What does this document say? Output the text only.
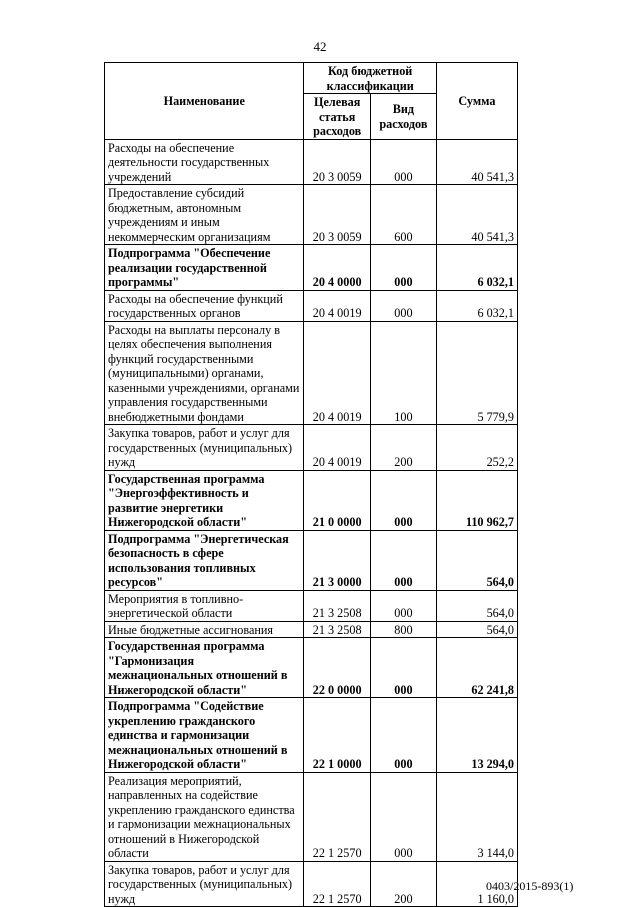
42
Наименование	Код бюджетной классификации		Сумма
	Целевая статья расходов	Вид расходов	
Расходы на обеспечение деятельности государственных учреждений	20 3 0059	000	40 541,3
Предоставление субсидий бюджетным, автономным учреждениям и иным некоммерческим организациям	20 3 0059	600	40 541,3
Подпрограмма "Обеспечение реализации государственной программы"	20 4 0000	000	6 032,1
Расходы на обеспечение функций государственных органов	20 4 0019	000	6 032,1
Расходы на выплаты персоналу в целях обеспечения выполнения функций государственными (муниципальными) органами, казенными учреждениями, органами управления государственными внебюджетными фондами	20 4 0019	100	5 779,9
Закупка товаров, работ и услуг для государственных (муниципальных) нужд	20 4 0019	200	252,2
Государственная программа "Энергоэффективность и развитие энергетики Нижегородской области"	21 0 0000	000	110 962,7
Подпрограмма "Энергетическая безопасность в сфере использования топливных ресурсов"	21 3 0000	000	564,0
Мероприятия в топливно-энергетической области	21 3 2508	000	564,0
Иные бюджетные ассигнования	21 3 2508	800	564,0
Государственная программа "Гармонизация межнациональных отношений в Нижегородской области"	22 0 0000	000	62 241,8
Подпрограмма "Содействие укреплению гражданского единства и гармонизации межнациональных отношений в Нижегородской области"	22 1 0000	000	13 294,0
Реализация мероприятий, направленных на содействие укреплению гражданского единства и гармонизации межнациональных отношений в Нижегородской области	22 1 2570	000	3 144,0
Закупка товаров, работ и услуг для государственных (муниципальных) нужд	22 1 2570	200	1 160,0
0403/2015-893(1)
